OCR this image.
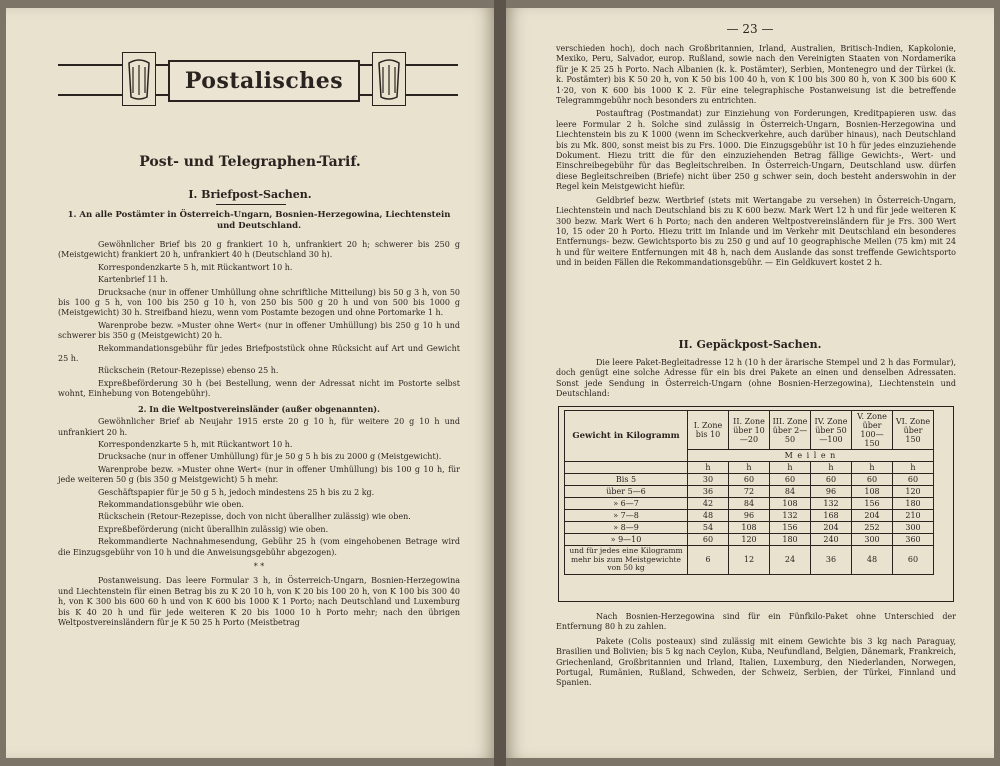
Postalisches
Post- und Telegraphen-Tarif.
I. Briefpost-Sachen.

1. An alle Postämter in Österreich-Ungarn, Bosnien-Herzegowina, Liechtenstein und Deutschland.

Gewöhnlicher Brief bis 20 g frankiert 10 h, unfrankiert 20 h; schwerer bis 250 g (Meistgewicht) frankiert 20 h, unfrankiert 40 h (Deutschland 30 h).

Korrespondenzkarte 5 h, mit Rückantwort 10 h.

Kartenbrief 11 h.

Drucksache (nur in offener Umhüllung ohne schriftliche Mitteilung) bis 50 g 3 h, von 50 bis 100 g 5 h, von 100 bis 250 g 10 h, von 250 bis 500 g 20 h und von 500 bis 1000 g (Meistgewicht) 30 h. Streifband hiezu, wenn vom Postamte bezogen und ohne Portomarke 1 h.

Warenprobe bezw. »Muster ohne Wert« (nur in offener Umhüllung) bis 250 g 10 h und schwerer bis 350 g (Meistgewicht) 20 h.

Rekommandationsgebühr für jedes Briefpoststück ohne Rücksicht auf Art und Gewicht 25 h.

Rückschein (Retour-Rezepisse) ebenso 25 h.

Expreßbeförderung 30 h (bei Bestellung, wenn der Adressat nicht im Postorte selbst wohnt, Einhebung von Botengebühr).

2. In die Weltpostvereinsländer (außer obgenannten).

Gewöhnlicher Brief ab Neujahr 1915 erste 20 g 10 h, für weitere 20 g 10 h und unfrankiert 20 h.

Korrespondenzkarte 5 h, mit Rückantwort 10 h.

Drucksache (nur in offener Umhüllung) für je 50 g 5 h bis zu 2000 g (Meistgewicht).

Warenprobe bezw. »Muster ohne Wert« (nur in offener Umhüllung) bis 100 g 10 h, für jede weiteren 50 g (bis 350 g Meistgewicht) 5 h mehr.

Geschäftspapier für je 50 g 5 h, jedoch mindestens 25 h bis zu 2 kg.

Rekommandationsgebühr wie oben.

Rückschein (Retour-Rezepisse, doch von nicht überallher zulässig) wie oben.

Expreßbeförderung (nicht überallhin zulässig) wie oben.

Rekommandierte Nachnahmesendung, Gebühr 25 h (vom eingehobenen Betrage wird die Einzugsgebühr von 10 h und die Anweisungsgebühr abgezogen).

* *

Postanweisung. Das leere Formular 3 h, in Österreich-Ungarn, Bosnien-Herzegowina und Liechtenstein für einen Betrag bis zu K 20 10 h, von K 20 bis 100 20 h, von K 100 bis 300 40 h, von K 300 bis 600 60 h und von K 600 bis 1000 K 1 Porto; nach Deutschland und Luxemburg bis K 40 20 h und für jede weiteren K 20 bis 1000 10 h Porto mehr; nach den übrigen Weltpostvereinsländern für je K 50 25 h Porto (Meistbetrag

— 23 —

verschieden hoch), doch nach Großbritannien, Irland, Australien, Britisch-Indien, Kapkolonie, Mexiko, Peru, Salvador, europ. Rußland, sowie nach den Vereinigten Staaten von Nordamerika für je K 25 25 h Porto. Nach Albanien (k. k. Postämter), Serbien, Montenegro und der Türkei (k. k. Postämter) bis K 50 20 h, von K 50 bis 100 40 h, von K 100 bis 300 80 h, von K 300 bis 600 K 1·20, von K 600 bis 1000 K 2. Für eine telegraphische Postanweisung ist die betreffende Telegrammgebühr noch besonders zu entrichten.

Postauftrag (Postmandat) zur Einziehung von Forderungen, Kreditpapieren usw. das leere Formular 2 h. Solche sind zulässig in Österreich-Ungarn, Bosnien-Herzegowina und Liechtenstein bis zu K 1000 (wenn im Scheckverkehre, auch darüber hinaus), nach Deutschland bis zu Mk. 800, sonst meist bis zu Frs. 1000. Die Einzugsgebühr ist 10 h für jedes einzuziehende Dokument. Hiezu tritt die für den einzuziehenden Betrag fällige Gewichts-, Wert- und Einschreibegebühr für das Begleitschreiben. In Österreich-Ungarn, Deutschland usw. dürfen diese Begleitschreiben (Briefe) nicht über 250 g schwer sein, doch besteht anderswohin in der Regel kein Meistgewicht hiefür.

Geldbrief bezw. Wertbrief (stets mit Wertangabe zu versehen) in Österreich-Ungarn, Liechtenstein und nach Deutschland bis zu K 600 bezw. Mark Wert 12 h und für jede weiteren K 300 bezw. Mark Wert 6 h Porto; nach den anderen Weltpostvereinsländern für je Frs. 300 Wert 10, 15 oder 20 h Porto. Hiezu tritt im Inlande und im Verkehr mit Deutschland ein besonderes Entfernungs- bezw. Gewichtsporto bis zu 250 g und auf 10 geographische Meilen (75 km) mit 24 h und für weitere Entfernungen mit 48 h, nach dem Auslande das sonst treffende Gewichtsporto und in beiden Fällen die Rekommandationsgebühr. — Ein Geldkuvert kostet 2 h.

II. Gepäckpost-Sachen.

Die leere Paket-Begleitadresse 12 h (10 h der ärarische Stempel und 2 h das Formular), doch genügt eine solche Adresse für ein bis drei Pakete an einen und denselben Adressaten. Sonst jede Sendung in Österreich-Ungarn (ohne Bosnien-Herzegowina), Liechtenstein und Deutschland:

Gewicht in Kilogramm	I. Zone bis 10	II. Zone über 10—20	III. Zone über 2—50	IV. Zone über 50—100	V. Zone über 100—150	VI. Zone über 150
	M e i l e n					
	h	h	h	h	h	h
Bis 5	30	60	60	60	60	60
über 5—6	36	72	84	96	108	120
» 6—7	42	84	108	132	156	180
» 7—8	48	96	132	168	204	210
» 8—9	54	108	156	204	252	300
» 9—10	60	120	180	240	300	360
und für jedes eine Kilogramm mehr bis zum Meistgewichte von 50 kg	6	12	24	36	48	60

Nach Bosnien-Herzegowina sind für ein Fünfkilo-Paket ohne Unterschied der Entfernung 80 h zu zahlen.

Pakete (Colis posteaux) sind zulässig mit einem Gewichte bis 3 kg nach Paraguay, Brasilien und Bolivien; bis 5 kg nach Ceylon, Kuba, Neufundland, Belgien, Dänemark, Frankreich, Griechenland, Großbritannien und Irland, Italien, Luxemburg, den Niederlanden, Norwegen, Portugal, Rumänien, Rußland, Schweden, der Schweiz, Serbien, der Türkei, Finnland und Spanien.
